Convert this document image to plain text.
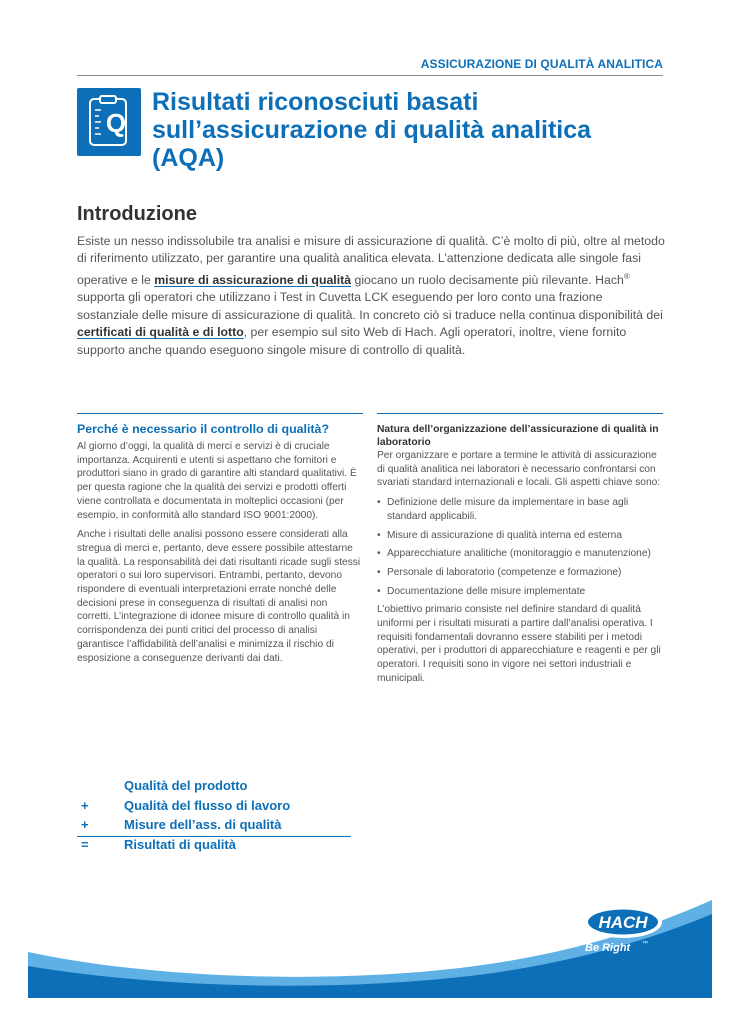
ASSICURAZIONE DI QUALITÀ ANALITICA
Q
Risultati riconosciuti basati
sull’assicurazione di qualità analitica
(AQA)
Introduzione
Esiste un nesso indissolubile tra analisi e misure di assicurazione di qualità. C’è molto di più, oltre al metodo di riferimento utilizzato, per garantire una qualità analitica elevata. L’attenzione dedicata alle singole fasi operative e le misure di assicurazione di qualità giocano un ruolo decisamente più rilevante. Hach® supporta gli operatori che utilizzano i Test in Cuvetta LCK eseguendo per loro conto una frazione sostanziale delle misure di assicurazione di qualità. In concreto ciò si traduce nella continua disponibilità dei certificati di qualità e di lotto, per esempio sul sito Web di Hach. Agli operatori, inoltre, viene fornito supporto anche quando eseguono singole misure di controllo di qualità.
Perché è necessario il controllo di qualità?

Al giorno d’oggi, la qualità di merci e servizi è di cruciale importanza. Acquirenti e utenti si aspettano che fornitori e produttori siano in grado di garantire alti standard qualitativi. È per questa ragione che la qualità dei servizi e prodotti offerti viene controllata e documentata in molteplici occasioni (per esempio, in conformità allo standard ISO 9001:2000).

Anche i risultati delle analisi possono essere considerati alla stregua di merci e, pertanto, deve essere possibile attestarne la qualità. La responsabilità dei dati risultanti ricade sugli stessi operatori o sui loro supervisori. Entrambi, pertanto, devono rispondere di eventuali interpretazioni errate nonché delle decisioni prese in conseguenza di risultati di analisi non corretti. L’integrazione di idonee misure di controllo qualità in corrispondenza dei punti critici del processo di analisi garantisce l’affidabilità dell’analisi e minimizza il rischio di esposizione a conseguenze derivanti dai dati.

Natura dell’organizzazione dell’assicurazione di qualità in laboratorio

Per organizzare e portare a termine le attività di assicurazione di qualità analitica nei laboratori è necessario confrontarsi con svariati standard internazionali e locali. Gli aspetti chiave sono:

• Definizione delle misure da implementare in base agli standard applicabili.
• Misure di assicurazione di qualità interna ed esterna
• Apparecchiature analitiche (monitoraggio e manutenzione)
• Personale di laboratorio (competenze e formazione)
• Documentazione delle misure implementate

L’obiettivo primario consiste nel definire standard di qualità uniformi per i risultati misurati a partire dall’analisi operativa. I requisiti fondamentali dovranno essere stabiliti per i metodi operativi, per i produttori di apparecchiature e reagenti e per gli operatori. I requisiti sono in vigore nei settori industriali e municipali.

Qualità del prodotto
+	Qualità del flusso di lavoro
+	Misure dell’ass. di qualità
=	Risultati di qualità
HACH
®
Be Right ™
